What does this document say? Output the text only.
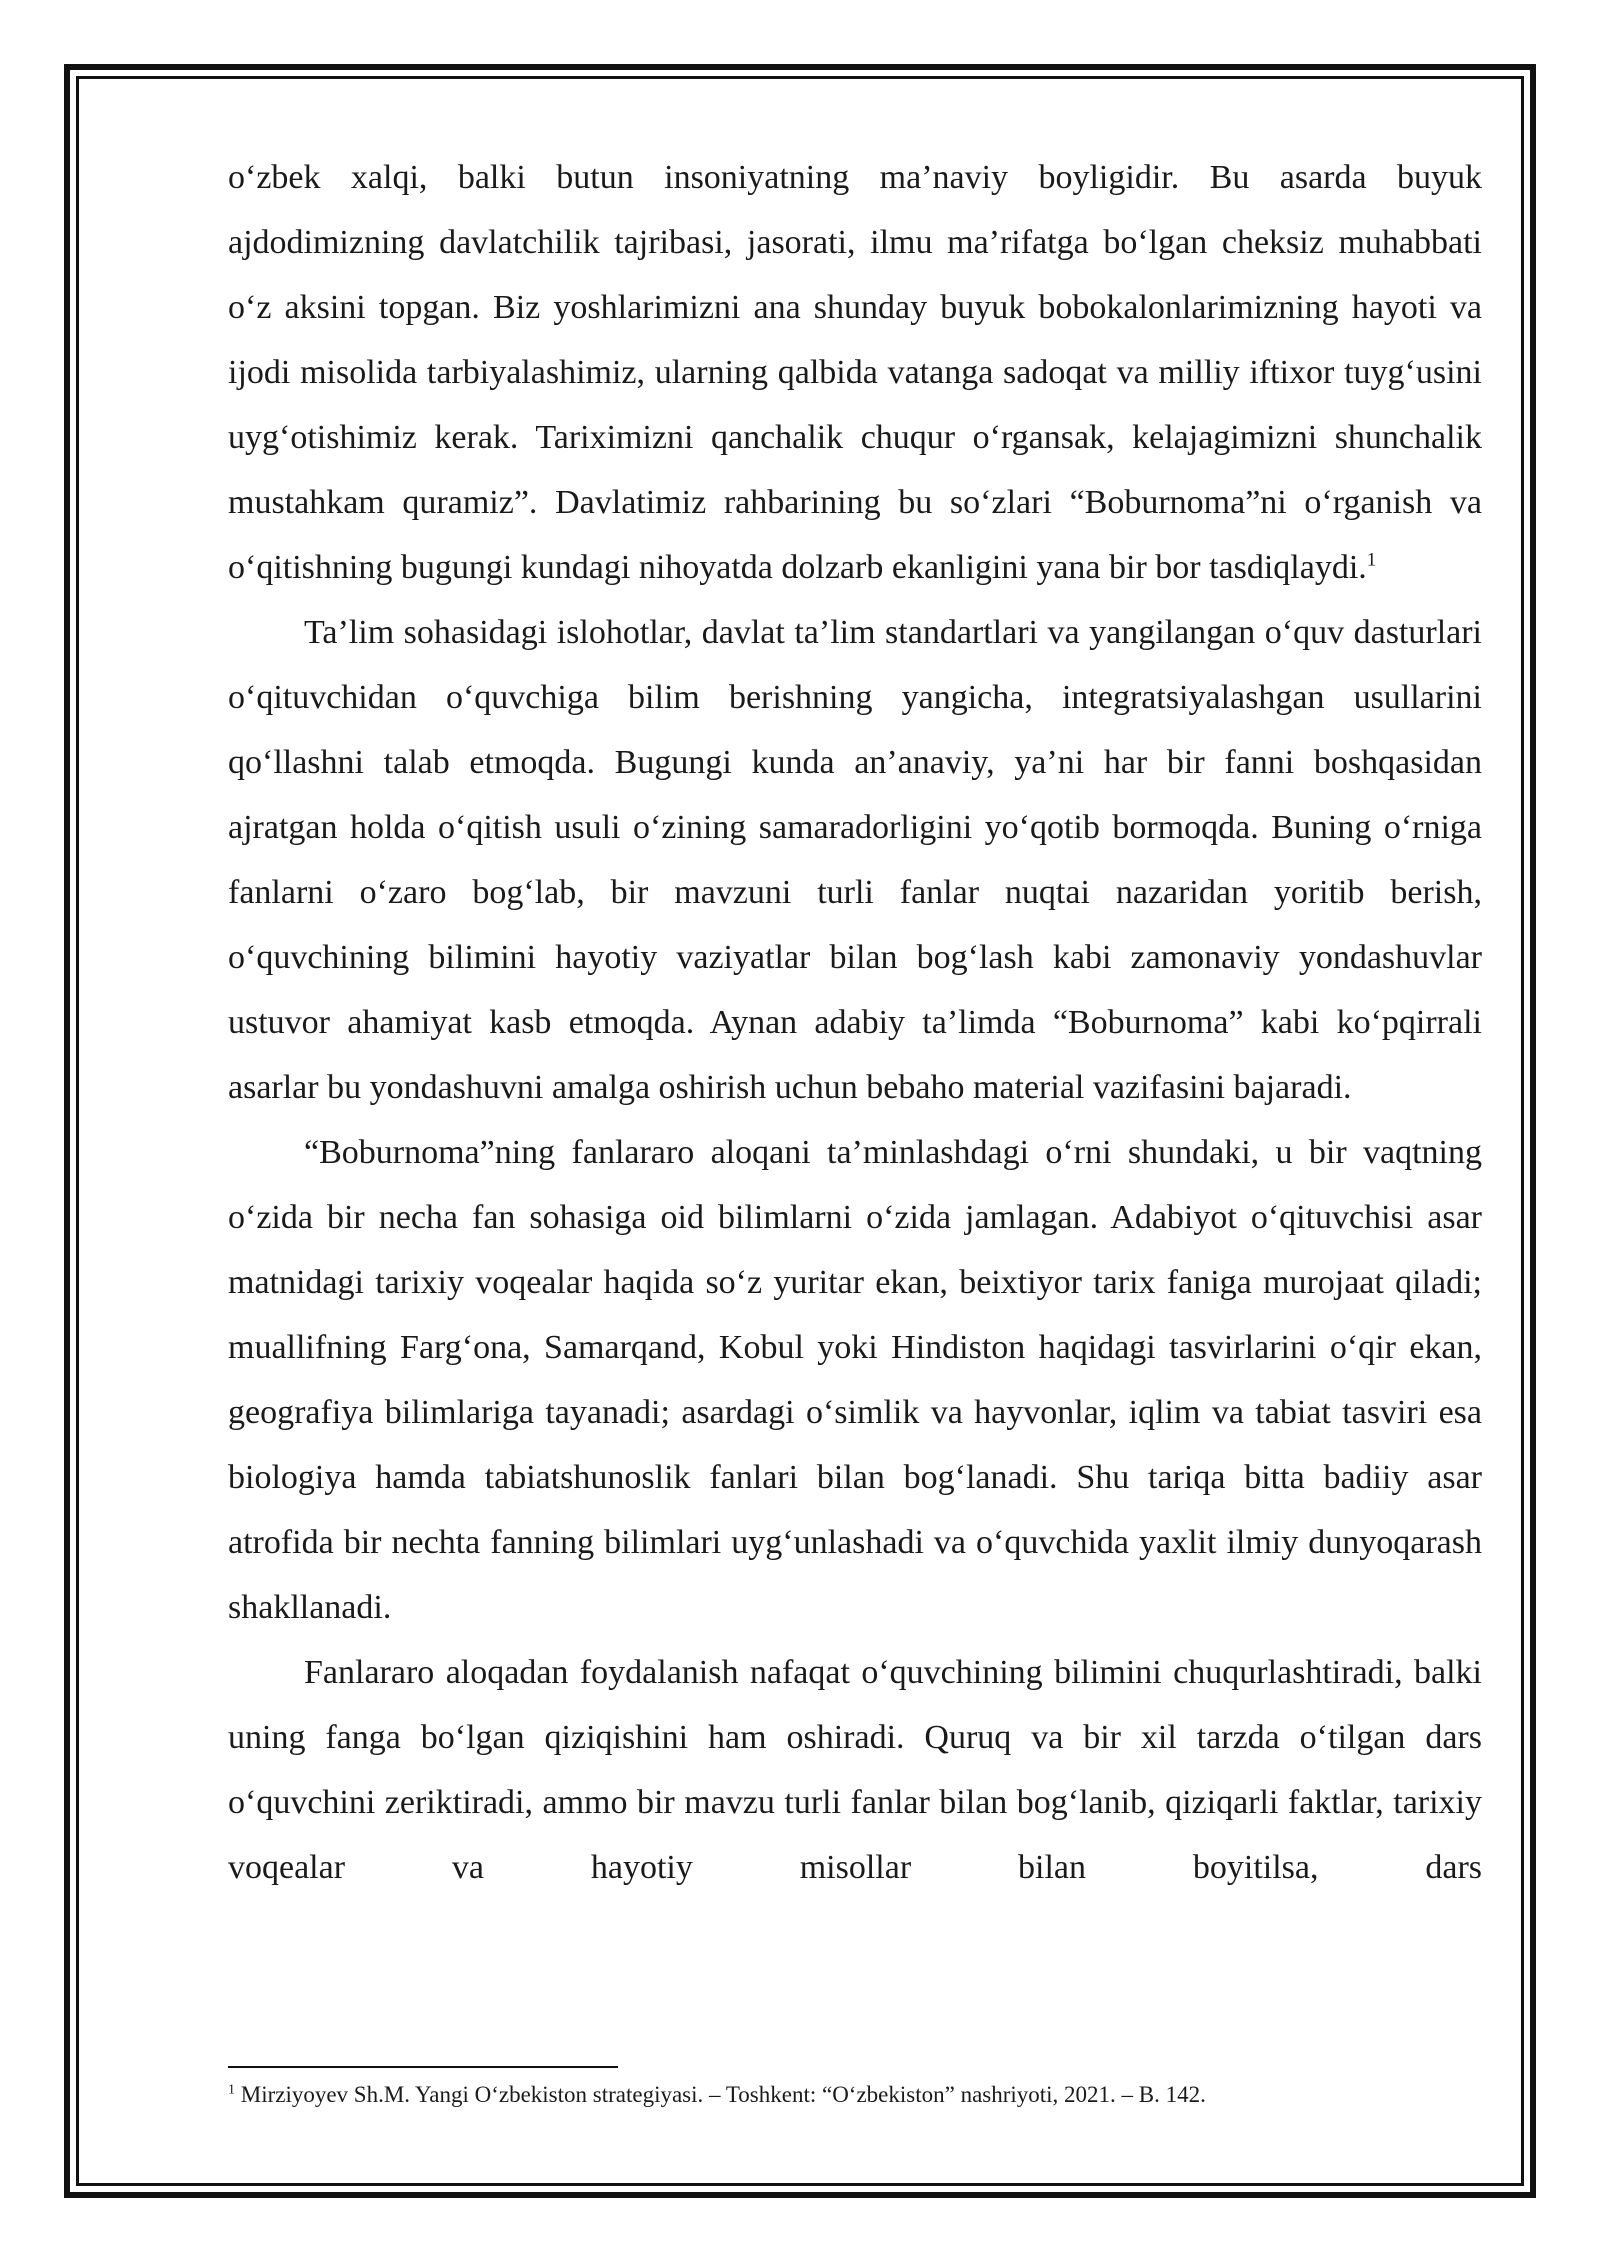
o‘zbek xalqi, balki butun insoniyatning ma’naviy boyligidir. Bu asarda buyuk ajdodimizning davlatchilik tajribasi, jasorati, ilmu ma’rifatga bo‘lgan cheksiz muhabbati o‘z aksini topgan. Biz yoshlarimizni ana shunday buyuk bobokalonlarimizning hayoti va ijodi misolida tarbiyalashimiz, ularning qalbida vatanga sadoqat va milliy iftixor tuyg‘usini uyg‘otishimiz kerak. Tariximizni qanchalik chuqur o‘rgansak, kelajagimizni shunchalik mustahkam quramiz”. Davlatimiz rahbarining bu so‘zlari “Boburnoma”ni o‘rganish va o‘qitishning bugungi kundagi nihoyatda dolzarb ekanligini yana bir bor tasdiqlaydi.$^1$

Ta’lim sohasidagi islohotlar, davlat ta’lim standartlari va yangilangan o‘quv dasturlari o‘qituvchidan o‘quvchiga bilim berishning yangicha, integratsiyalashgan usullarini qo‘llashni talab etmoqda. Bugungi kunda an’anaviy, ya’ni har bir fanni boshqasidan ajratgan holda o‘qitish usuli o‘zining samaradorligini yo‘qotib bormoqda. Buning o‘rniga fanlarni o‘zaro bog‘lab, bir mavzuni turli fanlar nuqtai nazaridan yoritib berish, o‘quvchining bilimini hayotiy vaziyatlar bilan bog‘lash kabi zamonaviy yondashuvlar ustuvor ahamiyat kasb etmoqda. Aynan adabiy ta’limda “Boburnoma” kabi ko‘pqirrali asarlar bu yondashuvni amalga oshirish uchun bebaho material vazifasini bajaradi.

“Boburnoma”ning fanlararo aloqani ta’minlashdagi o‘rni shundaki, u bir vaqtning o‘zida bir necha fan sohasiga oid bilimlarni o‘zida jamlagan. Adabiyot o‘qituvchisi asar matnidagi tarixiy voqealar haqida so‘z yuritar ekan, beixtiyor tarix faniga murojaat qiladi; muallifning Farg‘ona, Samarqand, Kobul yoki Hindiston haqidagi tasvirlarini o‘qir ekan, geografiya bilimlariga tayanadi; asardagi o‘simlik va hayvonlar, iqlim va tabiat tasviri esa biologiya hamda tabiatshunoslik fanlari bilan bog‘lanadi. Shu tariqa bitta badiiy asar atrofida bir nechta fanning bilimlari uyg‘unlashadi va o‘quvchida yaxlit ilmiy dunyoqarash shakllanadi.

Fanlararo aloqadan foydalanish nafaqat o‘quvchining bilimini chuqurlashtiradi, balki uning fanga bo‘lgan qiziqishini ham oshiradi. Quruq va bir xil tarzda o‘tilgan dars o‘quvchini zeriktiradi, ammo bir mavzu turli fanlar bilan bog‘lanib, qiziqarli faktlar, tarixiy voqealar va hayotiy misollar bilan boyitilsa, dars

$^1$ Mirziyoyev Sh.M. Yangi O‘zbekiston strategiyasi. – Toshkent: “O‘zbekiston” nashriyoti, 2021. – B. 142.
